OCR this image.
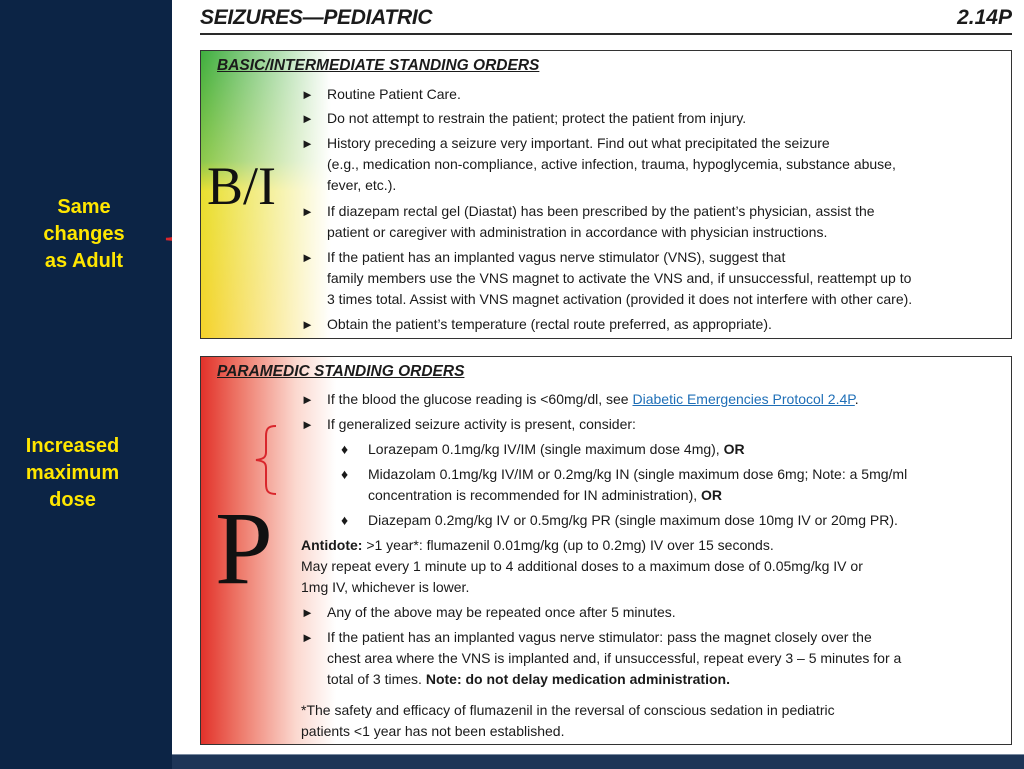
Same
changes
as Adult
Increased
maximum
dose
SEIZURES—PEDIATRIC	2.14P
BASIC/INTERMEDIATE STANDING ORDERS
B/I
► Routine Patient Care.
► Do not attempt to restrain the patient; protect the patient from injury.
► History preceding a seizure very important. Find out what precipitated the seizure
(e.g., medication non-compliance, active infection, trauma, hypoglycemia, substance abuse,
fever, etc.).
► If diazepam rectal gel (Diastat) has been prescribed by the patient’s physician, assist the
patient or caregiver with administration in accordance with physician instructions.
► If the patient has an implanted vagus nerve stimulator (VNS), suggest that
family members use the VNS magnet to activate the VNS and, if unsuccessful, reattempt up to
3 times total. Assist with VNS magnet activation (provided it does not interfere with other care).
► Obtain the patient’s temperature (rectal route preferred, as appropriate).
PARAMEDIC STANDING ORDERS
P
► If the blood the glucose reading is <60mg/dl, see Diabetic Emergencies Protocol 2.4P.
► If generalized seizure activity is present, consider:
♦ Lorazepam 0.1mg/kg IV/IM (single maximum dose 4mg), OR
♦ Midazolam 0.1mg/kg IV/IM or 0.2mg/kg IN (single maximum dose 6mg; Note: a 5mg/ml
concentration is recommended for IN administration), OR
♦ Diazepam 0.2mg/kg IV or 0.5mg/kg PR (single maximum dose 10mg IV or 20mg PR).
Antidote: >1 year*: flumazenil 0.01mg/kg (up to 0.2mg) IV over 15 seconds.
May repeat every 1 minute up to 4 additional doses to a maximum dose of 0.05mg/kg IV or
1mg IV, whichever is lower.
► Any of the above may be repeated once after 5 minutes.
► If the patient has an implanted vagus nerve stimulator: pass the magnet closely over the
chest area where the VNS is implanted and, if unsuccessful, repeat every 3 – 5 minutes for a
total of 3 times. Note: do not delay medication administration.
*The safety and efficacy of flumazenil in the reversal of conscious sedation in pediatric
patients <1 year has not been established.
